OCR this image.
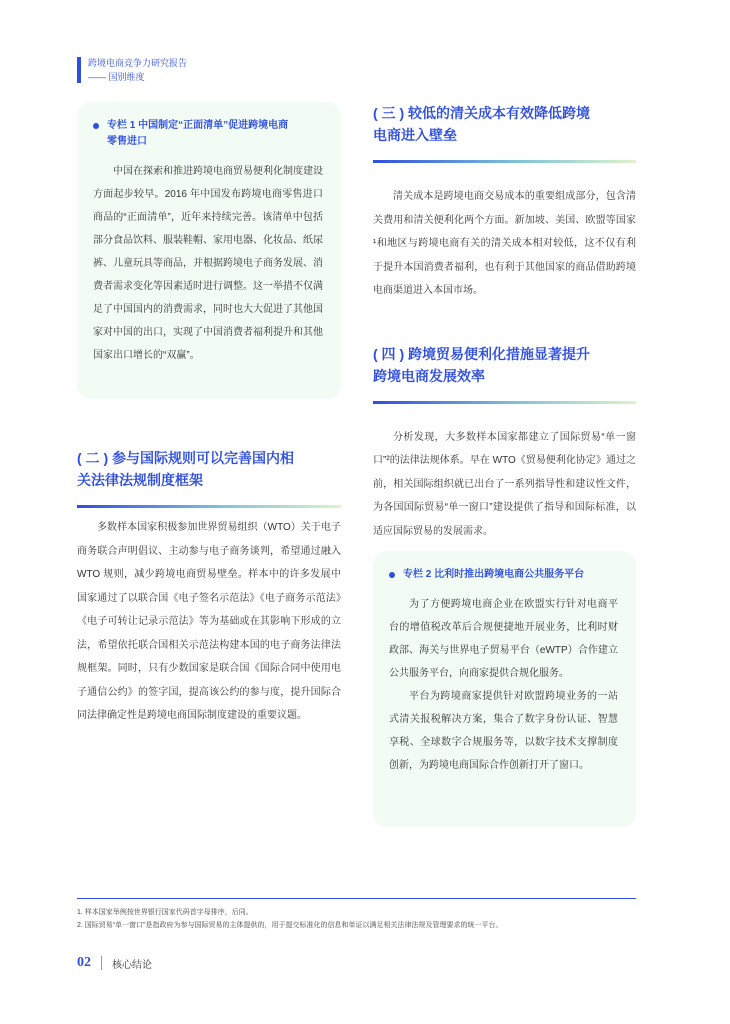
跨境电商竞争力研究报告
—— 国别维度
专栏 1 中国制定“正面清单”促进跨境电商
零售进口

中国在探索和推进跨境电商贸易便利化制度建设方面起步较早。2016 年中国发布跨境电商零售进口商品的“正面清单”，近年来持续完善。该清单中包括部分食品饮料、服装鞋帽、家用电器、化妆品、纸尿裤、儿童玩具等商品，并根据跨境电子商务发展、消费者需求变化等因素适时进行调整。这一举措不仅满足了中国国内的消费需求，同时也大大促进了其他国家对中国的出口，实现了中国消费者福利提升和其他国家出口增长的“双赢”。

( 二 ) 参与国际规则可以完善国内相
关法律法规制度框架

多数样本国家积极参加世界贸易组织（WTO）关于电子商务联合声明倡议、主动参与电子商务谈判，希望通过融入 WTO 规则，减少跨境电商贸易壁垒。样本中的许多发展中国家通过了以联合国《电子签名示范法》《电子商务示范法》《电子可转让记录示范法》等为基础或在其影响下形成的立法，希望依托联合国相关示范法构建本国的电子商务法律法规框架。同时，只有少数国家是联合国《国际合同中使用电子通信公约》的签字国，提高该公约的参与度，提升国际合同法律确定性是跨境电商国际制度建设的重要议题。

( 三 ) 较低的清关成本有效降低跨境
电商进入壁垒

清关成本是跨境电商交易成本的重要组成部分，包含清关费用和清关便利化两个方面。新加坡、美国、欧盟等国家¹和地区与跨境电商有关的清关成本相对较低，这不仅有利于提升本国消费者福利，也有利于其他国家的商品借助跨境电商渠道进入本国市场。

( 四 ) 跨境贸易便利化措施显著提升
跨境电商发展效率

分析发现，大多数样本国家都建立了国际贸易“单一窗口”²的法律法规体系。早在 WTO《贸易便利化协定》通过之前，相关国际组织就已出台了一系列指导性和建议性文件，为各国国际贸易“单一窗口”建设提供了指导和国际标准，以适应国际贸易的发展需求。

专栏 2 比利时推出跨境电商公共服务平台

为了方便跨境电商企业在欧盟实行针对电商平台的增值税改革后合规便捷地开展业务，比利时财政部、海关与世界电子贸易平台（eWTP）合作建立公共服务平台，向商家提供合规化服务。

平台为跨境商家提供针对欧盟跨境业务的一站式清关报税解决方案，集合了数字身份认证、智慧享税、全球数字合规服务等，以数字技术支撑制度创新，为跨境电商国际合作创新打开了窗口。

1. 样本国家举例按世界银行国家代码首字母排序，后同。
2. 国际贸易“单一窗口”是指政府为参与国际贸易的主体提供的，用于提交标准化的信息和单证以满足相关法律法规及管理要求的统一平台。
02 核心结论
